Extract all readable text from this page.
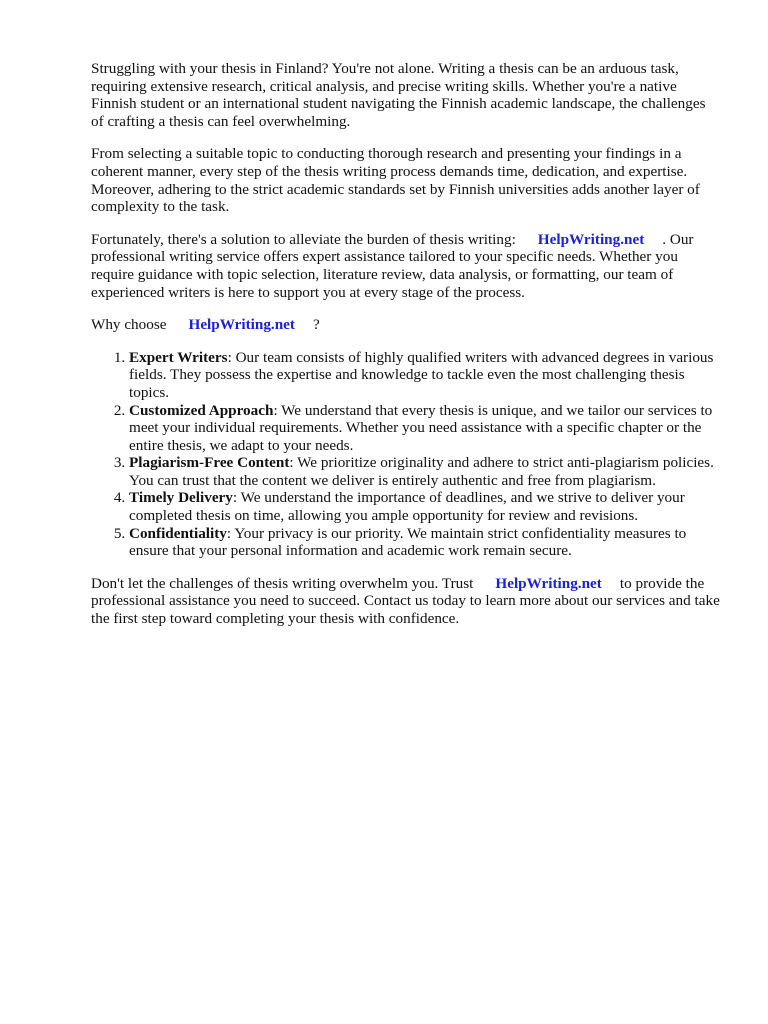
Struggling with your thesis in Finland? You're not alone. Writing a thesis can be an arduous task, requiring extensive research, critical analysis, and precise writing skills. Whether you're a native Finnish student or an international student navigating the Finnish academic landscape, the challenges of crafting a thesis can feel overwhelming.

From selecting a suitable topic to conducting thorough research and presenting your findings in a coherent manner, every step of the thesis writing process demands time, dedication, and expertise. Moreover, adhering to the strict academic standards set by Finnish universities adds another layer of complexity to the task.

Fortunately, there's a solution to alleviate the burden of thesis writing: HelpWriting.net . Our professional writing service offers expert assistance tailored to your specific needs. Whether you require guidance with topic selection, literature review, data analysis, or formatting, our team of experienced writers is here to support you at every stage of the process.

Why choose HelpWriting.net ?

1. Expert Writers: Our team consists of highly qualified writers with advanced degrees in various fields. They possess the expertise and knowledge to tackle even the most challenging thesis topics.
2. Customized Approach: We understand that every thesis is unique, and we tailor our services to meet your individual requirements. Whether you need assistance with a specific chapter or the entire thesis, we adapt to your needs.
3. Plagiarism-Free Content: We prioritize originality and adhere to strict anti-plagiarism policies. You can trust that the content we deliver is entirely authentic and free from plagiarism.
4. Timely Delivery: We understand the importance of deadlines, and we strive to deliver your completed thesis on time, allowing you ample opportunity for review and revisions.
5. Confidentiality: Your privacy is our priority. We maintain strict confidentiality measures to ensure that your personal information and academic work remain secure.

Don't let the challenges of thesis writing overwhelm you. Trust HelpWriting.net to provide the professional assistance you need to succeed. Contact us today to learn more about our services and take the first step toward completing your thesis with confidence.
